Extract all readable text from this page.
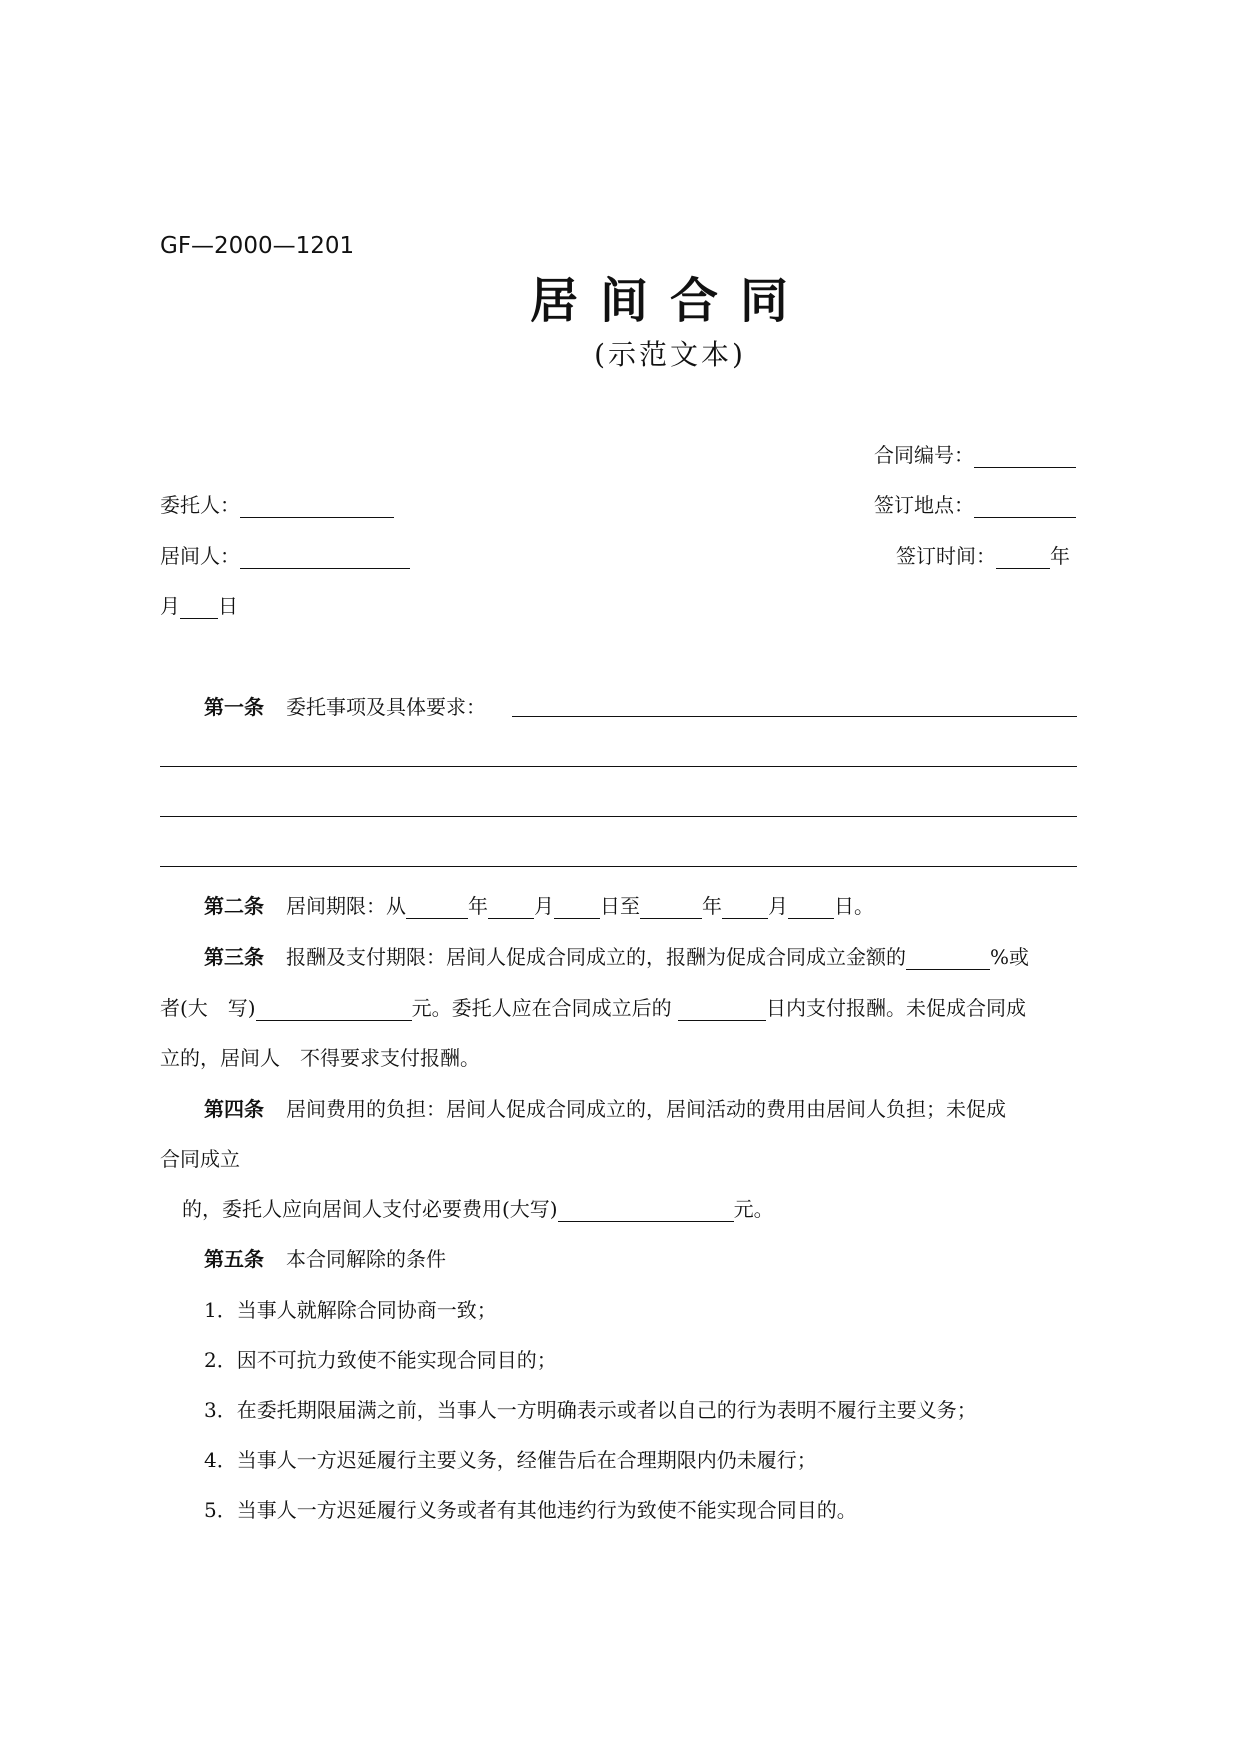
GF—2000—1201
居间合同
(示范文本)
合同编号：
委托人：	签订地点：
居间人：	签订时间：	年
月 日
第一条 委托事项及具体要求：
第二条 居间期限：从	年 月 日至	年 月 日。
第三条 报酬及支付期限：居间人促成合同成立的，报酬为促成合同成立金额的	%或
者(大　写)	元。委托人应在合同成立后的	日内支付报酬。未促成合同成
立的，居间人　不得要求支付报酬。
第四条 居间费用的负担：居间人促成合同成立的，居间活动的费用由居间人负担；未促成
合同成立
的，委托人应向居间人支付必要费用(大写)	元。
第五条 本合同解除的条件
1．当事人就解除合同协商一致；
2．因不可抗力致使不能实现合同目的；
3．在委托期限届满之前，当事人一方明确表示或者以自己的行为表明不履行主要义务；
4．当事人一方迟延履行主要义务，经催告后在合理期限内仍未履行；
5．当事人一方迟延履行义务或者有其他违约行为致使不能实现合同目的。
